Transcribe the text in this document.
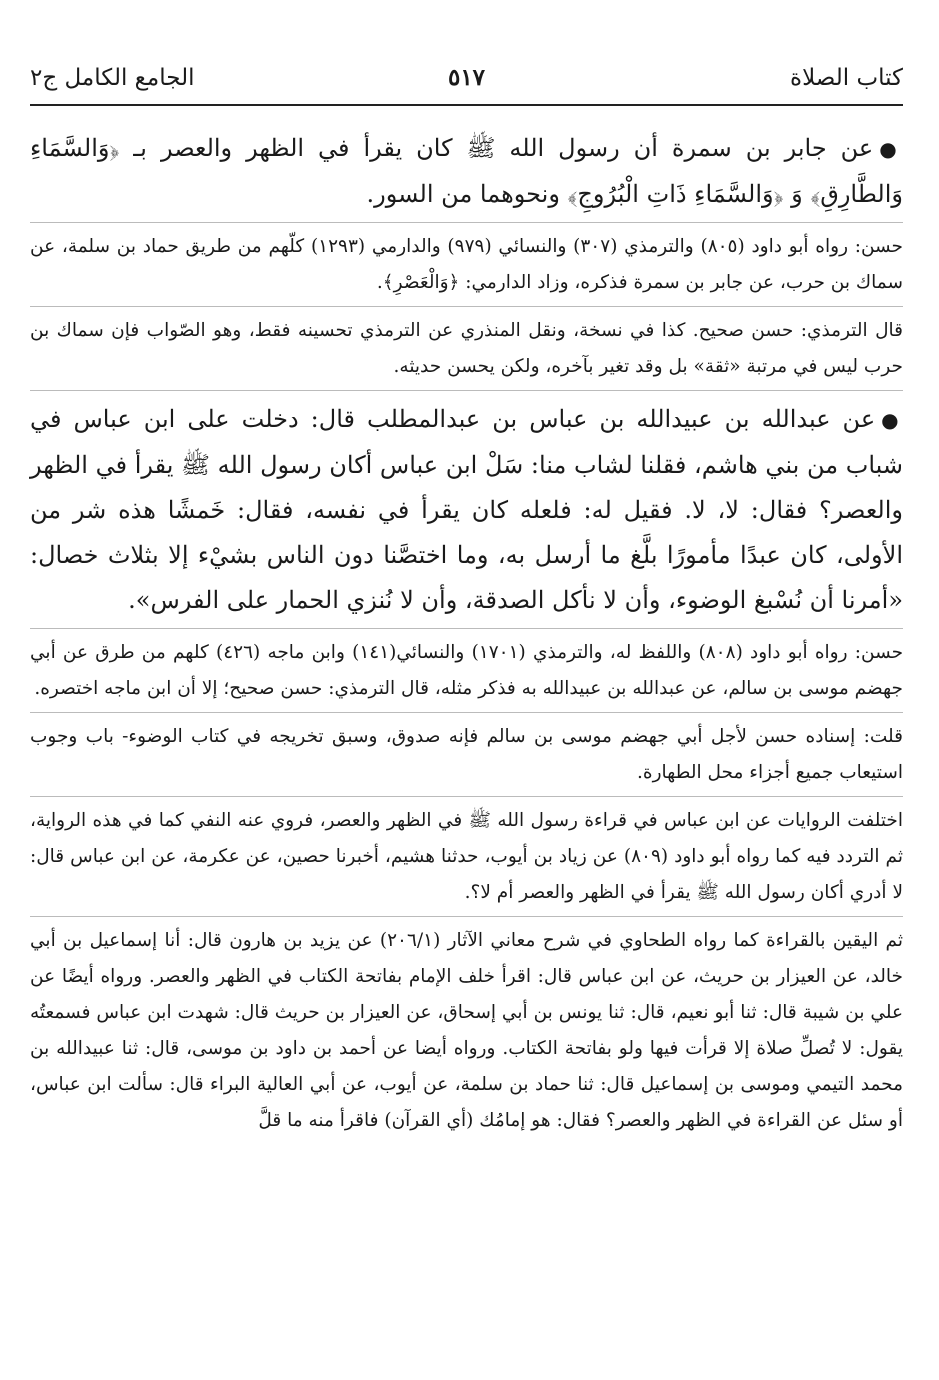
كتاب الصلاة
٥١٧
الجامع الكامل ج٢

●عن جابر بن سمرة أن رسول الله ﷺ كان يقرأ في الظهر والعصر بـ ﴿وَالسَّمَاءِ وَالطَّارِقِ﴾ وَ ﴿وَالسَّمَاءِ ذَاتِ الْبُرُوجِ﴾ ونحوهما من السور.

حسن: رواه أبو داود (٨٠٥) والترمذي (٣٠٧) والنسائي (٩٧٩) والدارمي (١٢٩٣) كلّهم من طريق حماد بن سلمة، عن سماك بن حرب، عن جابر بن سمرة فذكره، وزاد الدارمي: ﴿وَالْعَصْرِ﴾.

قال الترمذي: حسن صحيح. كذا في نسخة، ونقل المنذري عن الترمذي تحسينه فقط، وهو الصّواب فإن سماك بن حرب ليس في مرتبة «ثقة» بل وقد تغير بآخره، ولكن يحسن حديثه.

●عن عبدالله بن عبيدالله بن عباس بن عبدالمطلب قال: دخلت على ابن عباس في شباب من بني هاشم، فقلنا لشاب منا: سَلْ ابن عباس أكان رسول الله ﷺ يقرأ في الظهر والعصر؟ فقال: لا، لا. فقيل له: فلعله كان يقرأ في نفسه، فقال: خَمشًا هذه شر من الأولى، كان عبدًا مأمورًا بلَّغ ما أرسل به، وما اختصَّنا دون الناس بشيْء إلا بثلاث خصال: «أمرنا أن نُسْبغ الوضوء، وأن لا نأكل الصدقة، وأن لا نُنزي الحمار على الفرس».

حسن: رواه أبو داود (٨٠٨) واللفظ له، والترمذي (١٧٠١) والنسائي(١٤١) وابن ماجه (٤٢٦) كلهم من طرق عن أبي جهضم موسى بن سالم، عن عبدالله بن عبيدالله به فذكر مثله، قال الترمذي: حسن صحيح؛ إلا أن ابن ماجه اختصره.

قلت: إسناده حسن لأجل أبي جهضم موسى بن سالم فإنه صدوق، وسبق تخريجه في كتاب الوضوء- باب وجوب استيعاب جميع أجزاء محل الطهارة.

اختلفت الروايات عن ابن عباس في قراءة رسول الله ﷺ في الظهر والعصر، فروي عنه النفي كما في هذه الرواية، ثم التردد فيه كما رواه أبو داود (٨٠٩) عن زياد بن أيوب، حدثنا هشيم، أخبرنا حصين، عن عكرمة، عن ابن عباس قال: لا أدري أكان رسول الله ﷺ يقرأ في الظهر والعصر أم لا؟.

ثم اليقين بالقراءة كما رواه الطحاوي في شرح معاني الآثار (٢٠٦/١) عن يزيد بن هارون قال: أنا إسماعيل بن أبي خالد، عن العيزار بن حريث، عن ابن عباس قال: اقرأ خلف الإمام بفاتحة الكتاب في الظهر والعصر. ورواه أيضًا عن علي بن شيبة قال: ثنا أبو نعيم، قال: ثنا يونس بن أبي إسحاق، عن العيزار بن حريث قال: شهدت ابن عباس فسمعتُه يقول: لا تُصلِّ صلاة إلا قرأت فيها ولو بفاتحة الكتاب. ورواه أيضا عن أحمد بن داود بن موسى، قال: ثنا عبيدالله بن محمد التيمي وموسى بن إسماعيل قال: ثنا حماد بن سلمة، عن أيوب، عن أبي العالية البراء قال: سألت ابن عباس، أو سئل عن القراءة في الظهر والعصر؟ فقال: هو إمامُك (أي القرآن) فاقرأ منه ما قلَّ
